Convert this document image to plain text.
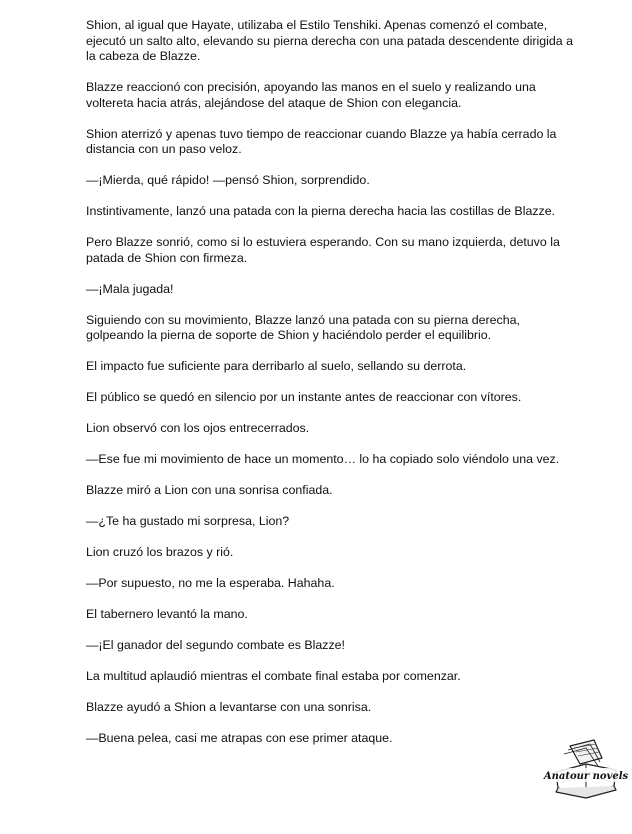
Shion, al igual que Hayate, utilizaba el Estilo Tenshiki. Apenas comenzó el combate, ejecutó un salto alto, elevando su pierna derecha con una patada descendente dirigida a la cabeza de Blazze.

Blazze reaccionó con precisión, apoyando las manos en el suelo y realizando una voltereta hacia atrás, alejándose del ataque de Shion con elegancia.

Shion aterrizó y apenas tuvo tiempo de reaccionar cuando Blazze ya había cerrado la distancia con un paso veloz.

—¡Mierda, qué rápido! —pensó Shion, sorprendido.

Instintivamente, lanzó una patada con la pierna derecha hacia las costillas de Blazze.

Pero Blazze sonrió, como si lo estuviera esperando. Con su mano izquierda, detuvo la patada de Shion con firmeza.

—¡Mala jugada!

Siguiendo con su movimiento, Blazze lanzó una patada con su pierna derecha, golpeando la pierna de soporte de Shion y haciéndolo perder el equilibrio.

El impacto fue suficiente para derribarlo al suelo, sellando su derrota.

El público se quedó en silencio por un instante antes de reaccionar con vítores.

Lion observó con los ojos entrecerrados.

—Ese fue mi movimiento de hace un momento… lo ha copiado solo viéndolo una vez.

Blazze miró a Lion con una sonrisa confiada.

—¿Te ha gustado mi sorpresa, Lion?

Lion cruzó los brazos y rió.

—Por supuesto, no me la esperaba. Hahaha.

El tabernero levantó la mano.

—¡El ganador del segundo combate es Blazze!

La multitud aplaudió mientras el combate final estaba por comenzar.

Blazze ayudó a Shion a levantarse con una sonrisa.

—Buena pelea, casi me atrapas con ese primer ataque.

Anatour novels
